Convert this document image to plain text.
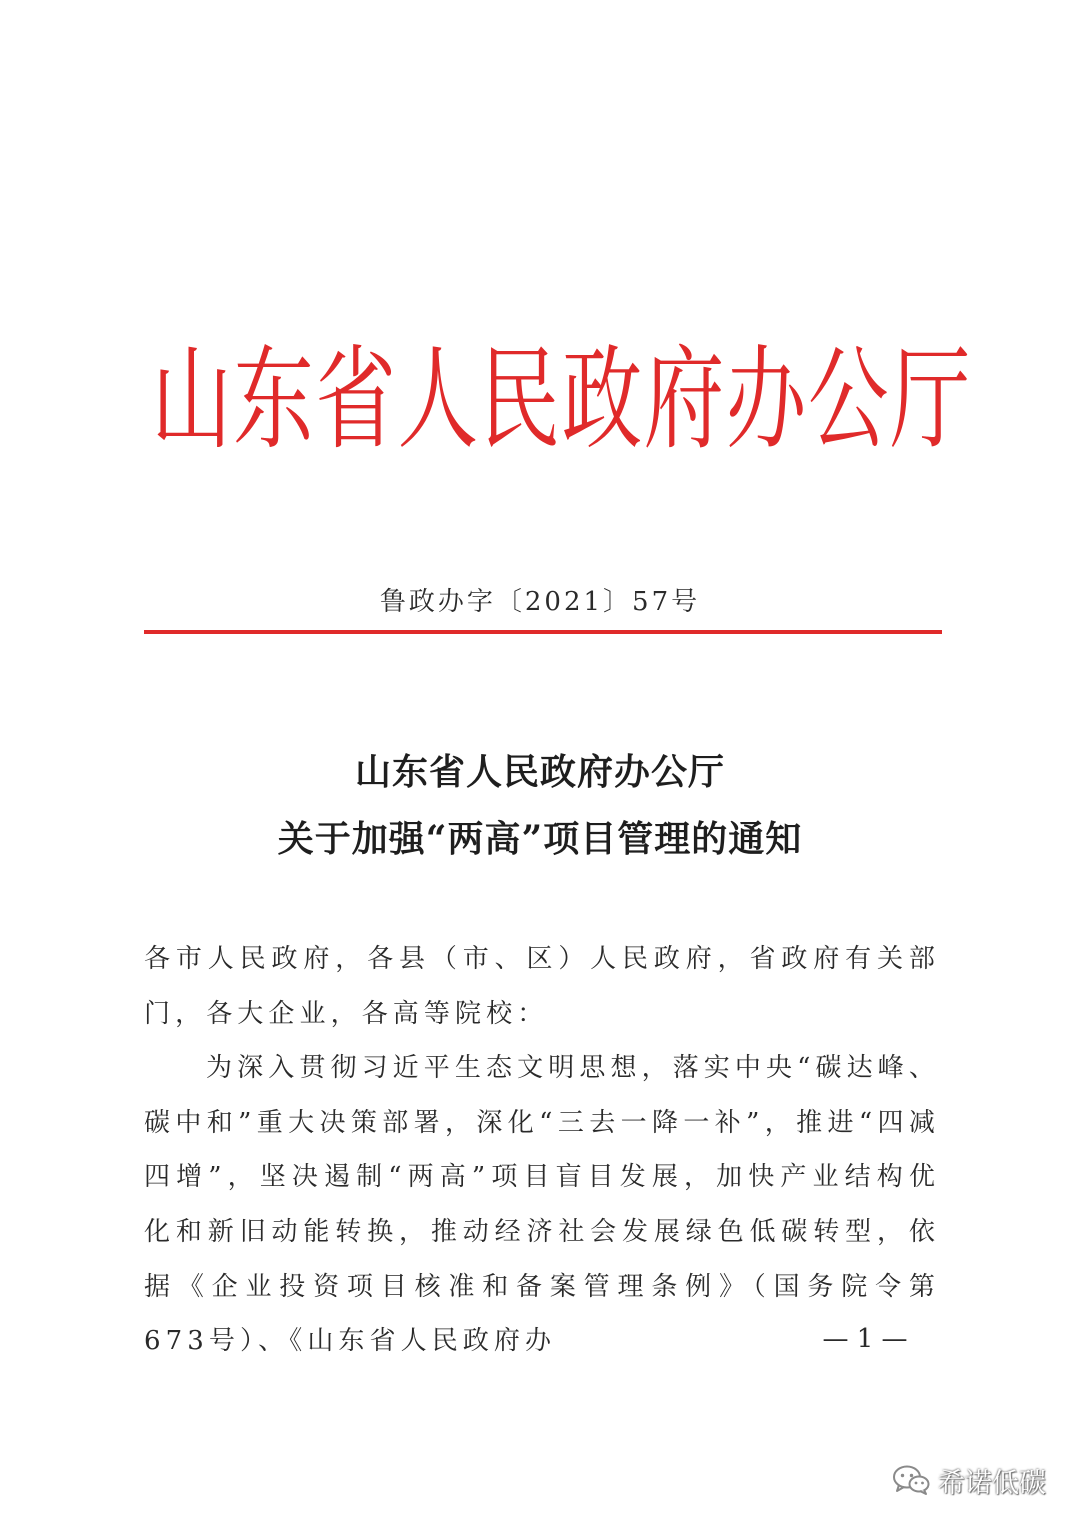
山东省人民政府办公厅
鲁政办字〔2021〕57号
山东省人民政府办公厅
关于加强“两高”项目管理的通知

各市人民政府，各县（市、区）人民政府，省政府有关部门，各大企业，各高等院校：

为深入贯彻习近平生态文明思想，落实中央“碳达峰、碳中和”重大决策部署，深化“三去一降一补”，推进“四减四增”，坚决遏制“两高”项目盲目发展，加快产业结构优化和新旧动能转换，推动经济社会发展绿色低碳转型，依据《企业投资项目核准和备案管理条例》（国务院令第673号）、《山东省人民政府办	— 1 —
希诺低碳
